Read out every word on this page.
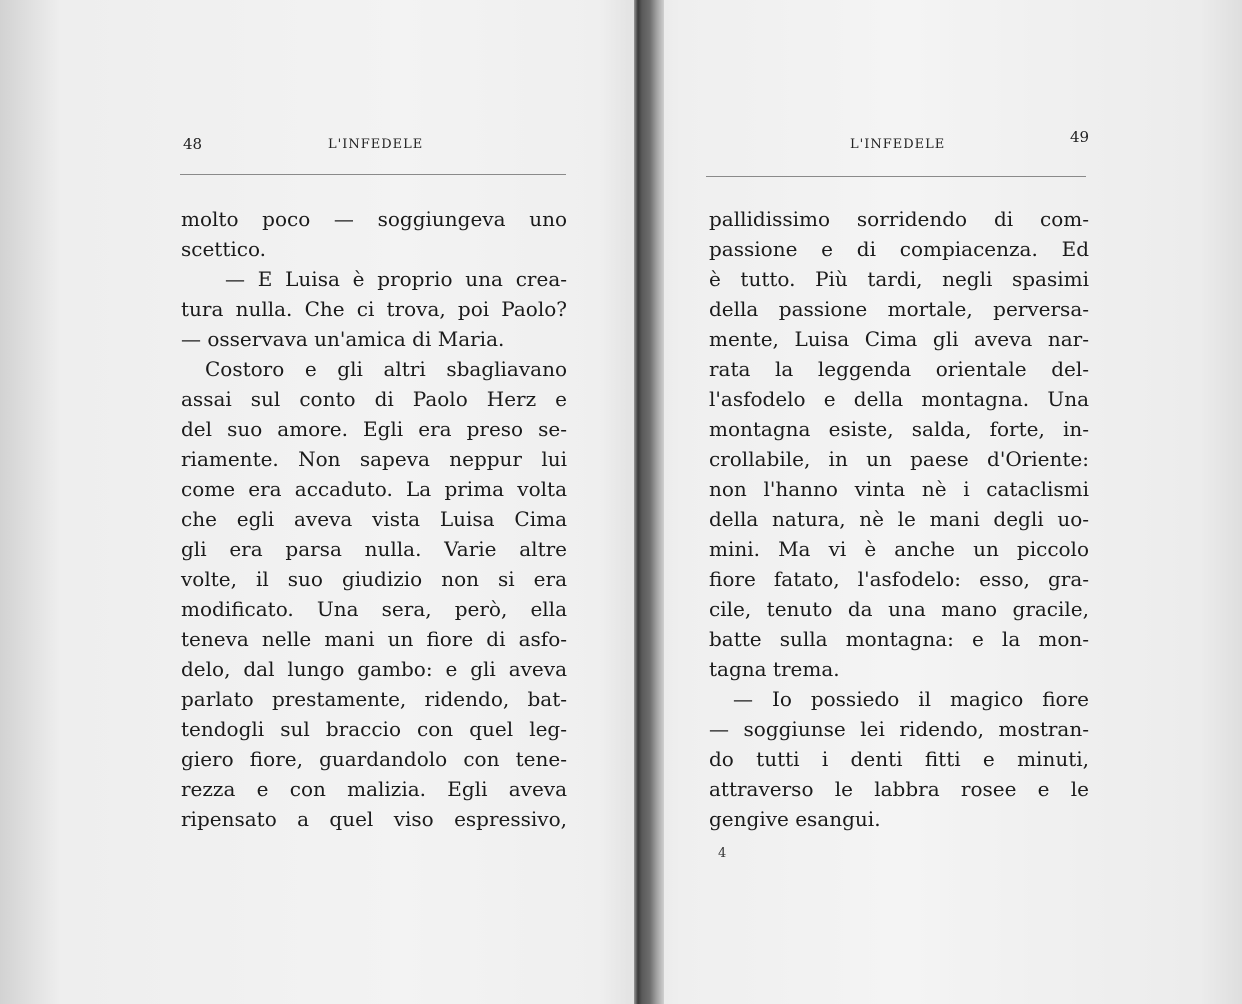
48	L'INFEDELE

molto poco — soggiungeva uno
scettico.
— E Luisa è proprio una crea-
tura nulla. Che ci trova, poi Paolo?
— osservava un'amica di Maria.
Costoro e gli altri sbagliavano
assai sul conto di Paolo Herz e
del suo amore. Egli era preso se-
riamente. Non sapeva neppur lui
come era accaduto. La prima volta
che egli aveva vista Luisa Cima
gli era parsa nulla. Varie altre
volte, il suo giudizio non si era
modificato. Una sera, però, ella
teneva nelle mani un fiore di asfo-
delo, dal lungo gambo: e gli aveva
parlato prestamente, ridendo, bat-
tendogli sul braccio con quel leg-
giero fiore, guardandolo con tene-
rezza e con malizia. Egli aveva
ripensato a quel viso espressivo,

L'INFEDELE	49

pallidissimo sorridendo di com-
passione e di compiacenza. Ed
è tutto. Più tardi, negli spasimi
della passione mortale, perversa-
mente, Luisa Cima gli aveva nar-
rata la leggenda orientale del-
l'asfodelo e della montagna. Una
montagna esiste, salda, forte, in-
crollabile, in un paese d'Oriente:
non l'hanno vinta nè i cataclismi
della natura, nè le mani degli uo-
mini. Ma vi è anche un piccolo
fiore fatato, l'asfodelo: esso, gra-
cile, tenuto da una mano gracile,
batte sulla montagna: e la mon-
tagna trema.
— Io possiedo il magico fiore
— soggiunse lei ridendo, mostran-
do tutti i denti fitti e minuti,
attraverso le labbra rosee e le
gengive esangui.

4
